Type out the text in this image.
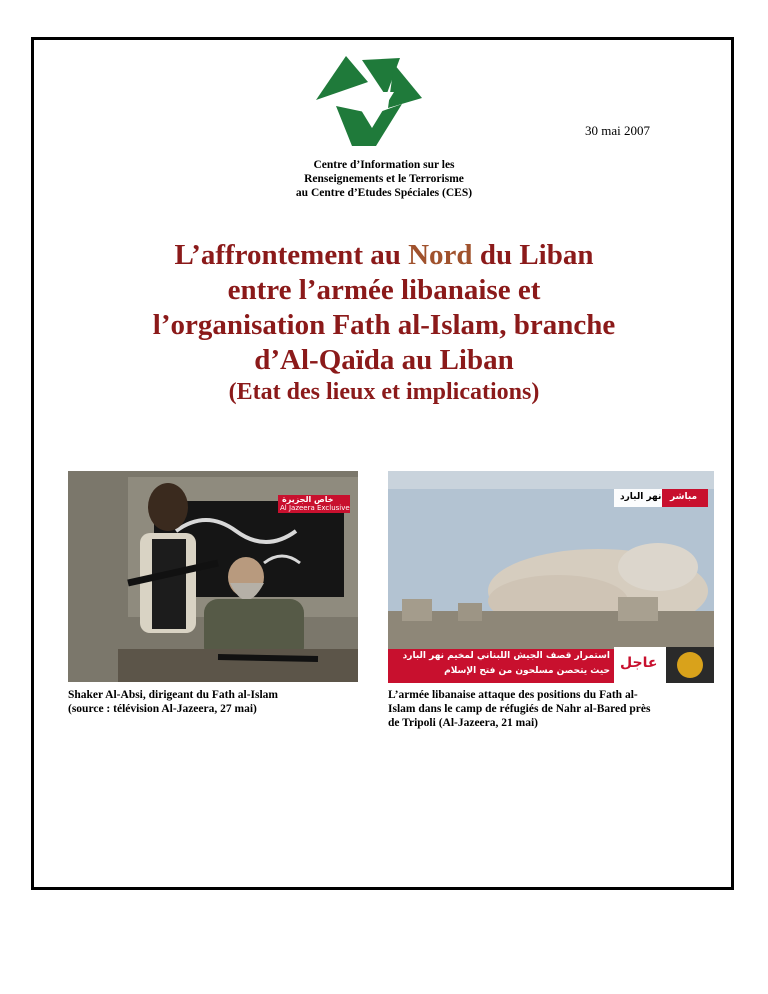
30 mai 2007
Centre d’Information sur les
Renseignements et le Terrorisme
au Centre d’Etudes Spéciales (CES)
L’affrontement au Nord du Liban
entre l’armée libanaise et
l’organisation Fath al-Islam, branche
d’Al-Qaïda au Liban
(Etat des lieux et implications)
خاص الجزيرة
Al Jazeera Exclusive
مباشر
نهر البارد
استمرار قصف الجيش اللبناني لمخيم نهر البارد
حيث يتحصن مسلحون من فتح الإسلام عاجل
Shaker Al-Absi, dirigeant du Fath al-Islam
(source : télévision Al-Jazeera, 27 mai)
L’armée libanaise attaque des positions du Fath al-
Islam dans le camp de réfugiés de Nahr al-Bared près
de Tripoli (Al-Jazeera, 21 mai)
